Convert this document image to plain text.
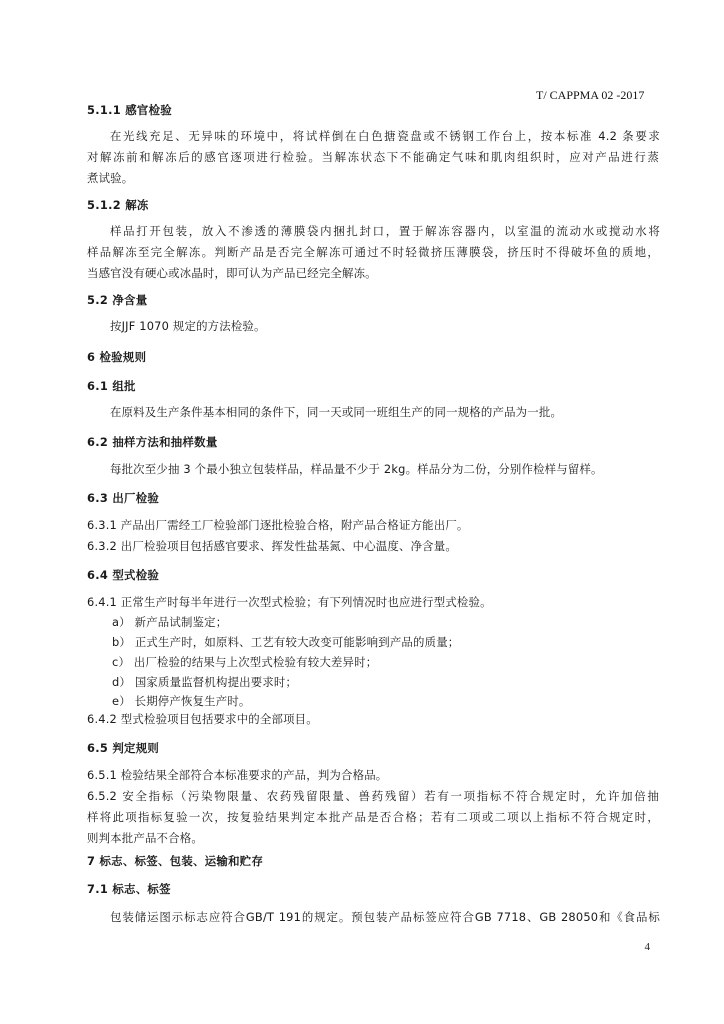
T/ CAPPMA 02 -2017
5.1.1 感官检验
在光线充足、无异味的环境中，将试样倒在白色搪瓷盘或不锈钢工作台上，按本标准 4.2 条要求
对解冻前和解冻后的感官逐项进行检验。当解冻状态下不能确定气味和肌肉组织时，应对产品进行蒸
煮试验。
5.1.2 解冻
样品打开包装，放入不渗透的薄膜袋内捆扎封口，置于解冻容器内，以室温的流动水或搅动水将
样品解冻至完全解冻。判断产品是否完全解冻可通过不时轻微挤压薄膜袋，挤压时不得破坏鱼的质地，
当感官没有硬心或冰晶时，即可认为产品已经完全解冻。
5.2 净含量
按JJF 1070 规定的方法检验。
6 检验规则
6.1 组批
在原料及生产条件基本相同的条件下，同一天或同一班组生产的同一规格的产品为一批。
6.2 抽样方法和抽样数量
每批次至少抽 3 个最小独立包装样品，样品量不少于 2kg。样品分为二份，分别作检样与留样。
6.3 出厂检验
6.3.1 产品出厂需经工厂检验部门逐批检验合格，附产品合格证方能出厂。
6.3.2 出厂检验项目包括感官要求、挥发性盐基氮、中心温度、净含量。
6.4 型式检验
6.4.1 正常生产时每半年进行一次型式检验；有下列情况时也应进行型式检验。
a） 新产品试制鉴定；
b） 正式生产时，如原料、工艺有较大改变可能影响到产品的质量；
c） 出厂检验的结果与上次型式检验有较大差异时；
d） 国家质量监督机构提出要求时；
e） 长期停产恢复生产时。
6.4.2 型式检验项目包括要求中的全部项目。
6.5 判定规则
6.5.1 检验结果全部符合本标准要求的产品，判为合格品。
6.5.2 安全指标（污染物限量、农药残留限量、兽药残留）若有一项指标不符合规定时，允许加倍抽
样将此项指标复验一次，按复验结果判定本批产品是否合格；若有二项或二项以上指标不符合规定时，
则判本批产品不合格。
7 标志、标签、包装、运输和贮存
7.1 标志、标签
包装储运图示标志应符合GB/T 191的规定。预包装产品标签应符合GB 7718、GB 28050和《食品标
4
